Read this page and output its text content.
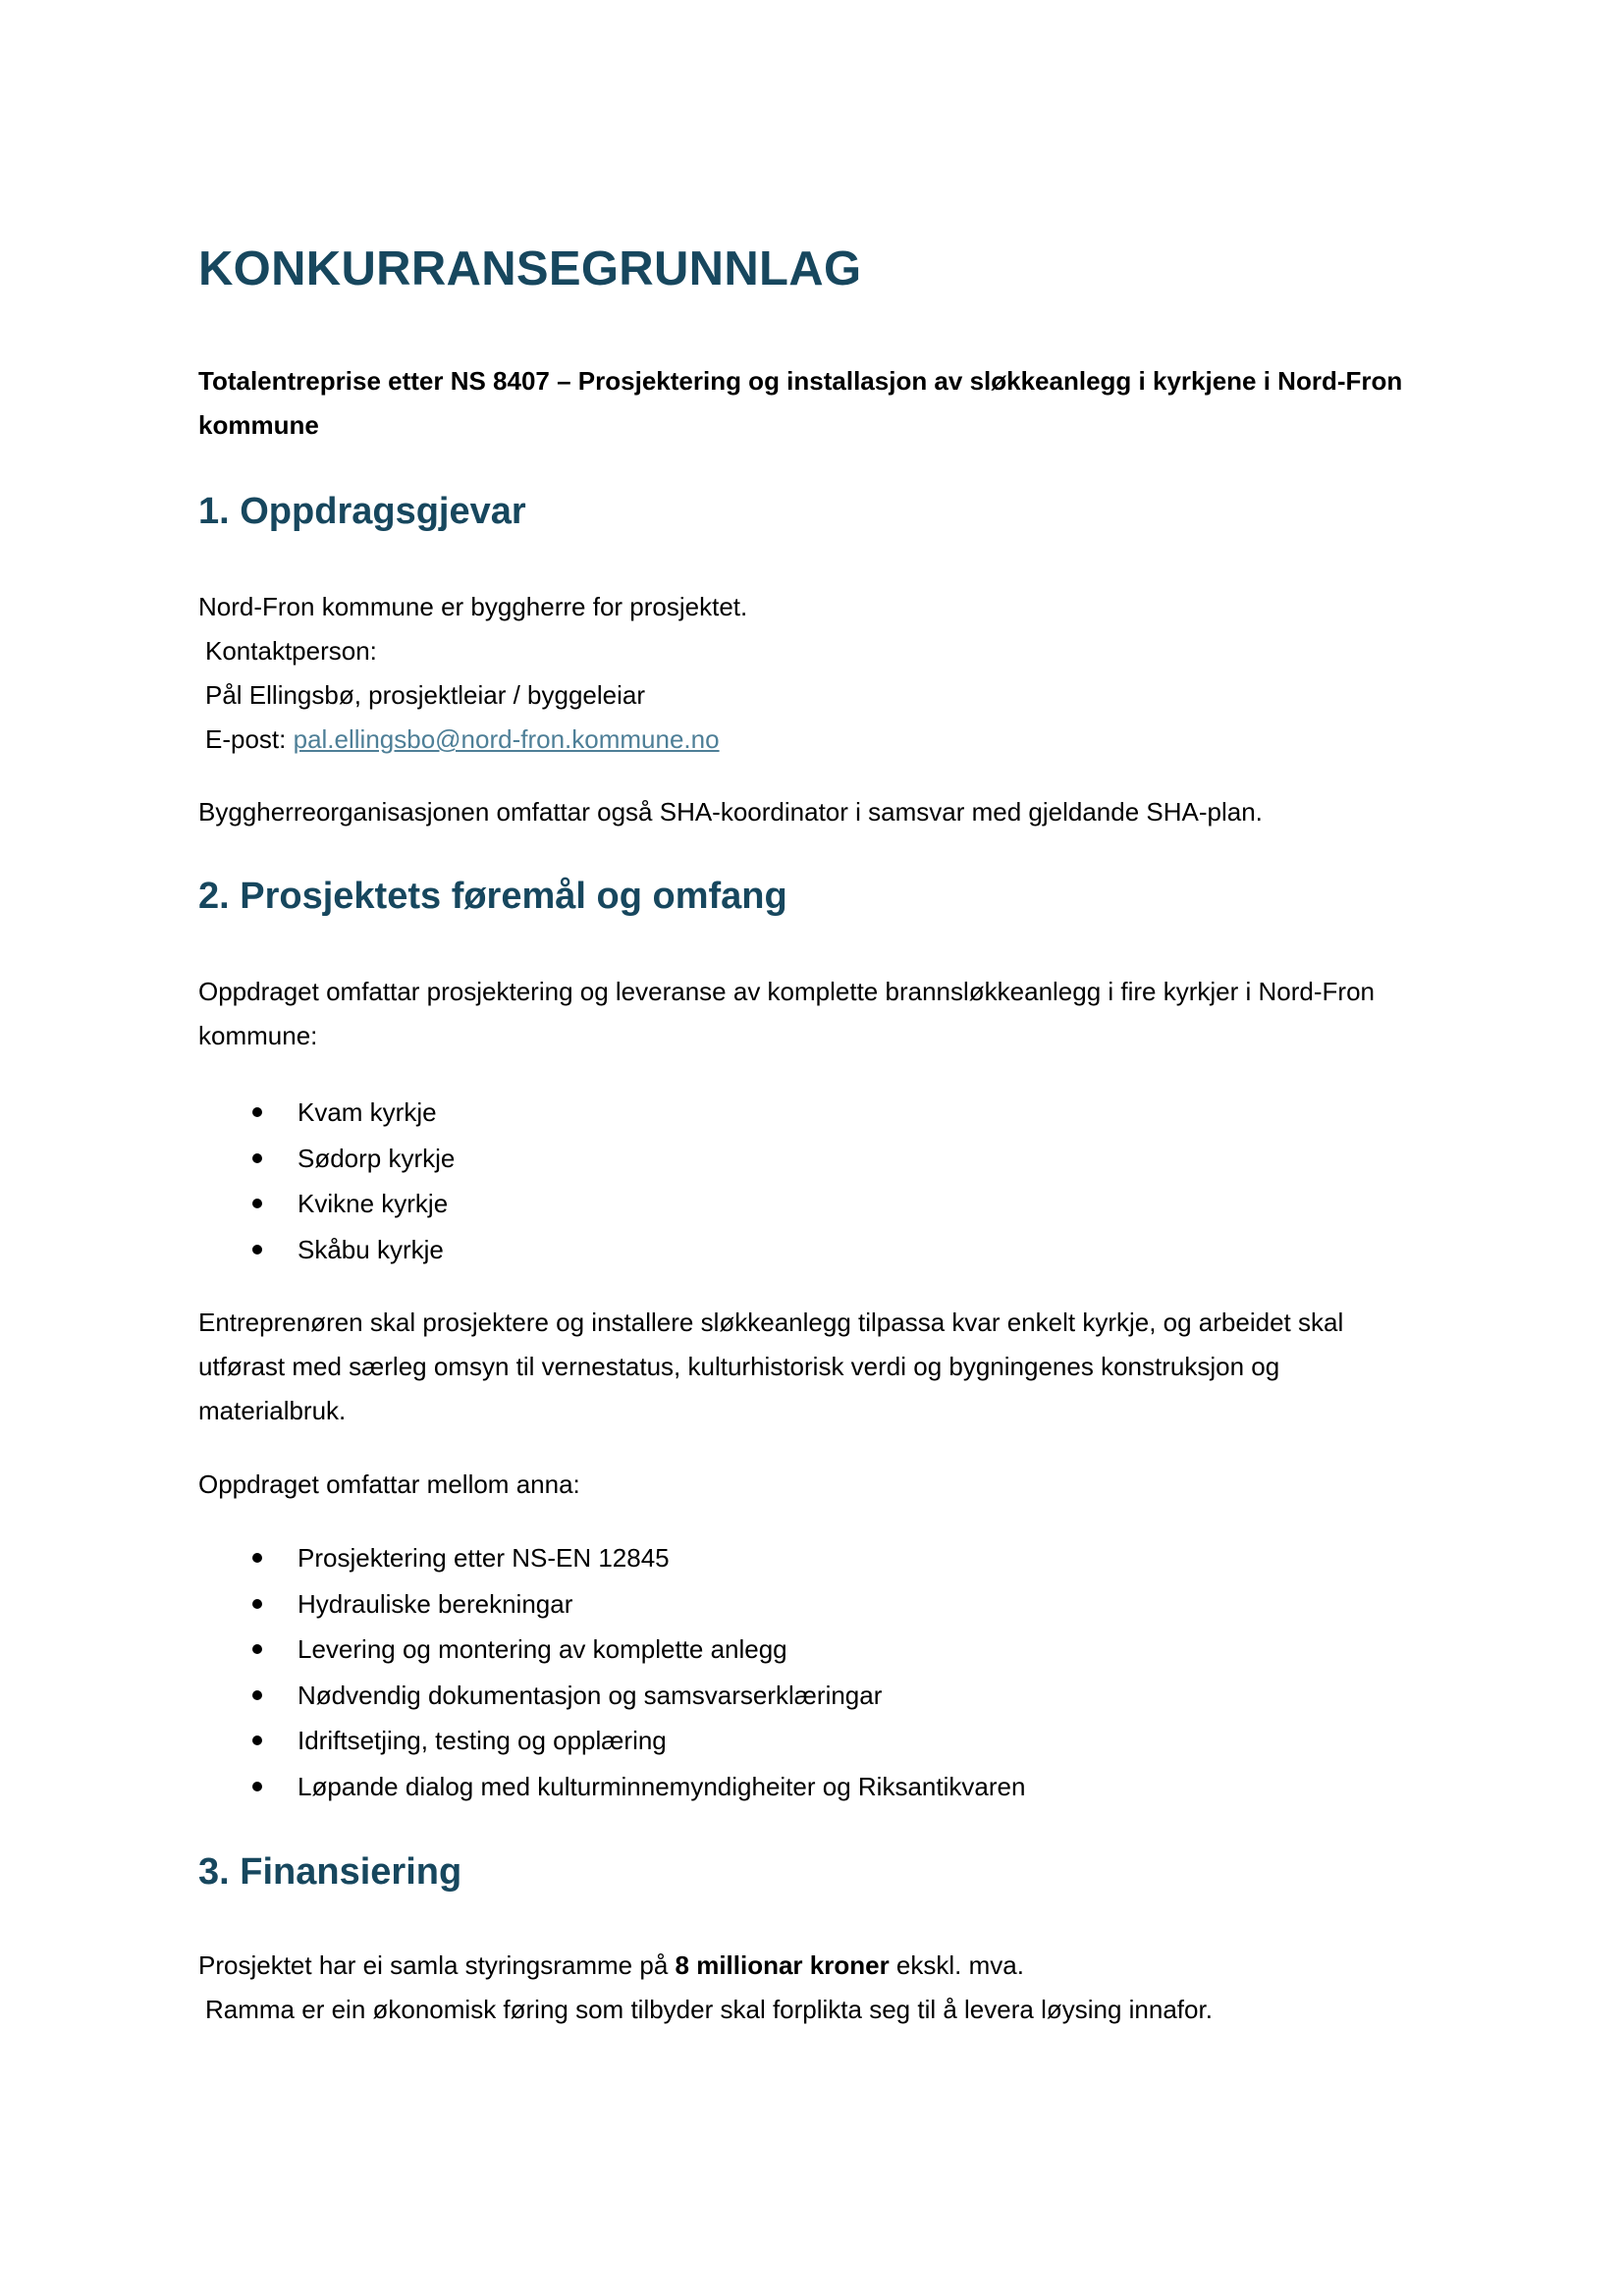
KONKURRANSEGRUNNLAG

Totalentreprise etter NS 8407 – Prosjektering og installasjon av sløkkeanlegg i kyrkjene i Nord-Fron kommune

1. Oppdragsgjevar

Nord-Fron kommune er byggherre for prosjektet.
Kontaktperson:
Pål Ellingsbø, prosjektleiar / byggeleiar
E-post: pal.ellingsbo@nord-fron.kommune.no

Byggherreorganisasjonen omfattar også SHA-koordinator i samsvar med gjeldande SHA-plan.

2. Prosjektets føremål og omfang

Oppdraget omfattar prosjektering og leveranse av komplette brannsløkkeanlegg i fire kyrkjer i Nord-Fron
kommune:

Kvam kyrkje
Sødorp kyrkje
Kvikne kyrkje
Skåbu kyrkje

Entreprenøren skal prosjektere og installere sløkkeanlegg tilpassa kvar enkelt kyrkje, og arbeidet skal
utførast med særleg omsyn til vernestatus, kulturhistorisk verdi og bygningenes konstruksjon og
materialbruk.

Oppdraget omfattar mellom anna:

Prosjektering etter NS-EN 12845
Hydrauliske berekningar
Levering og montering av komplette anlegg
Nødvendig dokumentasjon og samsvarserklæringar
Idriftsetjing, testing og opplæring
Løpande dialog med kulturminnemyndigheiter og Riksantikvaren
3. Finansiering

Prosjektet har ei samla styringsramme på 8 millionar kroner ekskl. mva.
Ramma er ein økonomisk føring som tilbyder skal forplikta seg til å levera løysing innafor.
